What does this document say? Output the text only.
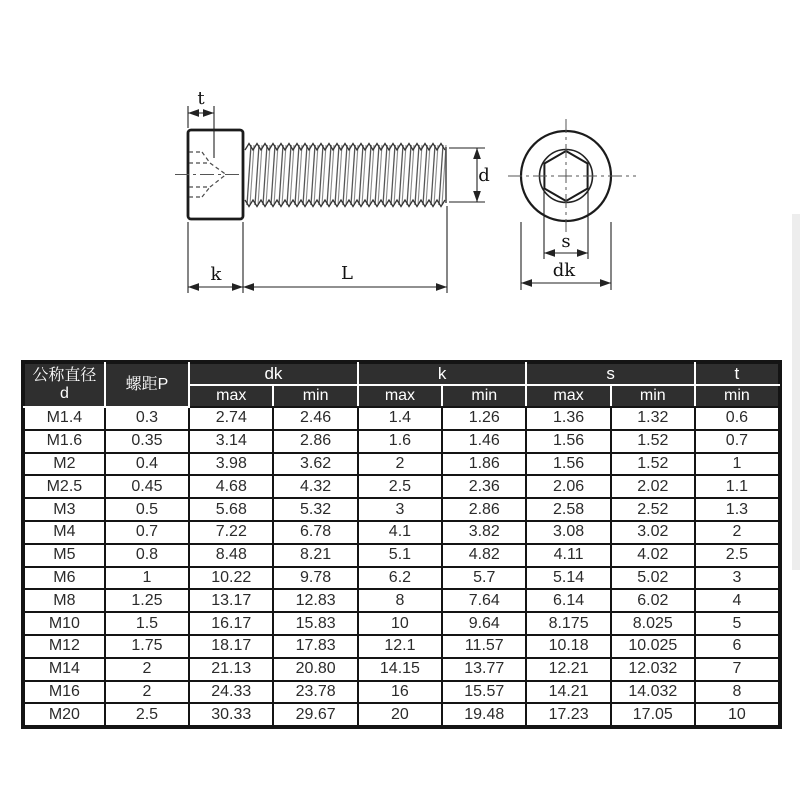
t
k	L
d
s
dk
公称直径
d	螺距P	dk		k		s		t
		max	min	max	min	max	min	min
M1.4	0.3	2.74	2.46	1.4	1.26	1.36	1.32	0.6
M1.6	0.35	3.14	2.86	1.6	1.46	1.56	1.52	0.7
M2	0.4	3.98	3.62	2	1.86	1.56	1.52	1
M2.5	0.45	4.68	4.32	2.5	2.36	2.06	2.02	1.1
M3	0.5	5.68	5.32	3	2.86	2.58	2.52	1.3
M4	0.7	7.22	6.78	4.1	3.82	3.08	3.02	2
M5	0.8	8.48	8.21	5.1	4.82	4.11	4.02	2.5
M6	1	10.22	9.78	6.2	5.7	5.14	5.02	3
M8	1.25	13.17	12.83	8	7.64	6.14	6.02	4
M10	1.5	16.17	15.83	10	9.64	8.175	8.025	5
M12	1.75	18.17	17.83	12.1	11.57	10.18	10.025	6
M14	2	21.13	20.80	14.15	13.77	12.21	12.032	7
M16	2	24.33	23.78	16	15.57	14.21	14.032	8
M20	2.5	30.33	29.67	20	19.48	17.23	17.05	10
